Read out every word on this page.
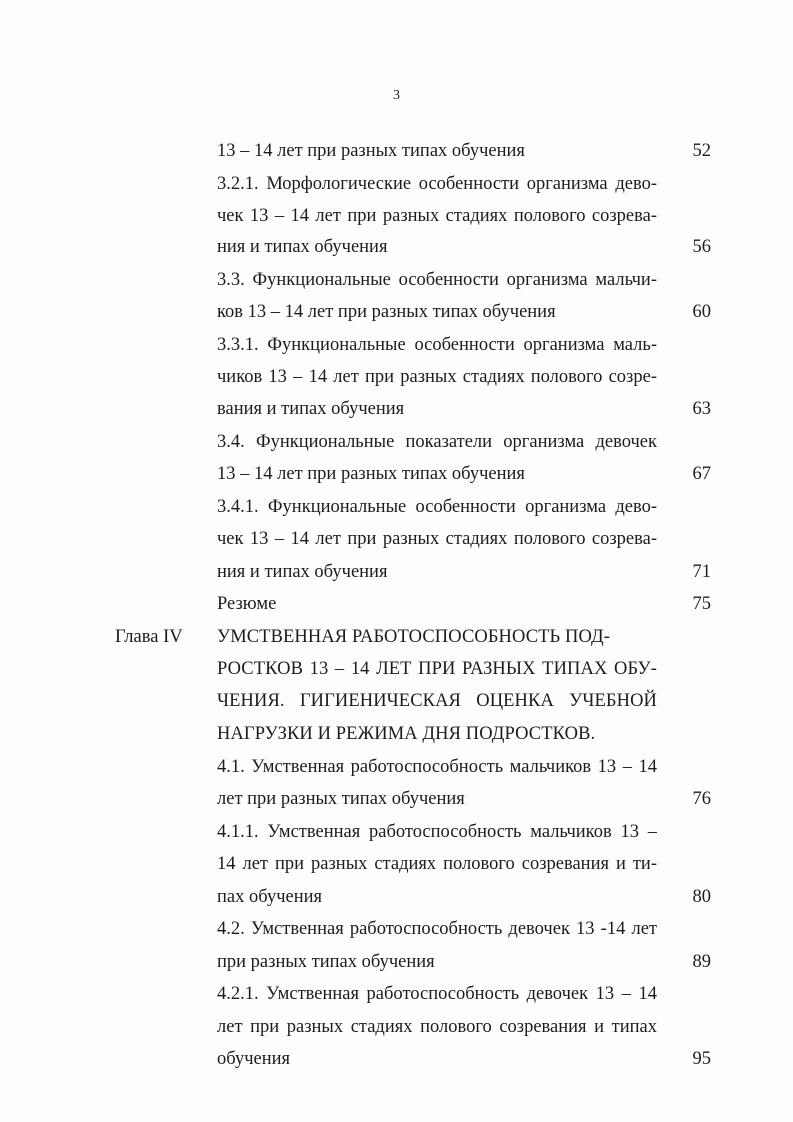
3
13 – 14 лет при разных типах обучения	52
3.2.1. Морфологические особенности организма дево-
чек 13 – 14 лет при разных стадиях полового созрева-
ния и типах обучения	56
3.3. Функциональные особенности организма мальчи-
ков 13 – 14 лет при разных типах обучения	60
3.3.1. Функциональные особенности организма маль-
чиков 13 – 14 лет при разных стадиях полового созре-
вания и типах обучения	63
3.4. Функциональные показатели организма девочек
13 – 14 лет при разных типах обучения	67
3.4.1. Функциональные особенности организма дево-
чек 13 – 14 лет при разных стадиях полового созрева-
ния и типах обучения	71
Резюме	75
Глава IV УМСТВЕННАЯ РАБОТОСПОСОБНОСТЬ ПОД-
РОСТКОВ 13 – 14 ЛЕТ ПРИ РАЗНЫХ ТИПАХ ОБУ-
ЧЕНИЯ. ГИГИЕНИЧЕСКАЯ ОЦЕНКА УЧЕБНОЙ
НАГРУЗКИ И РЕЖИМА ДНЯ ПОДРОСТКОВ.
4.1. Умственная работоспособность мальчиков 13 – 14
лет при разных типах обучения	76
4.1.1. Умственная работоспособность мальчиков 13 –
14 лет при разных стадиях полового созревания и ти-
пах обучения	80
4.2. Умственная работоспособность девочек 13 -14 лет
при разных типах обучения	89
4.2.1. Умственная работоспособность девочек 13 – 14
лет при разных стадиях полового созревания и типах
обучения	95
